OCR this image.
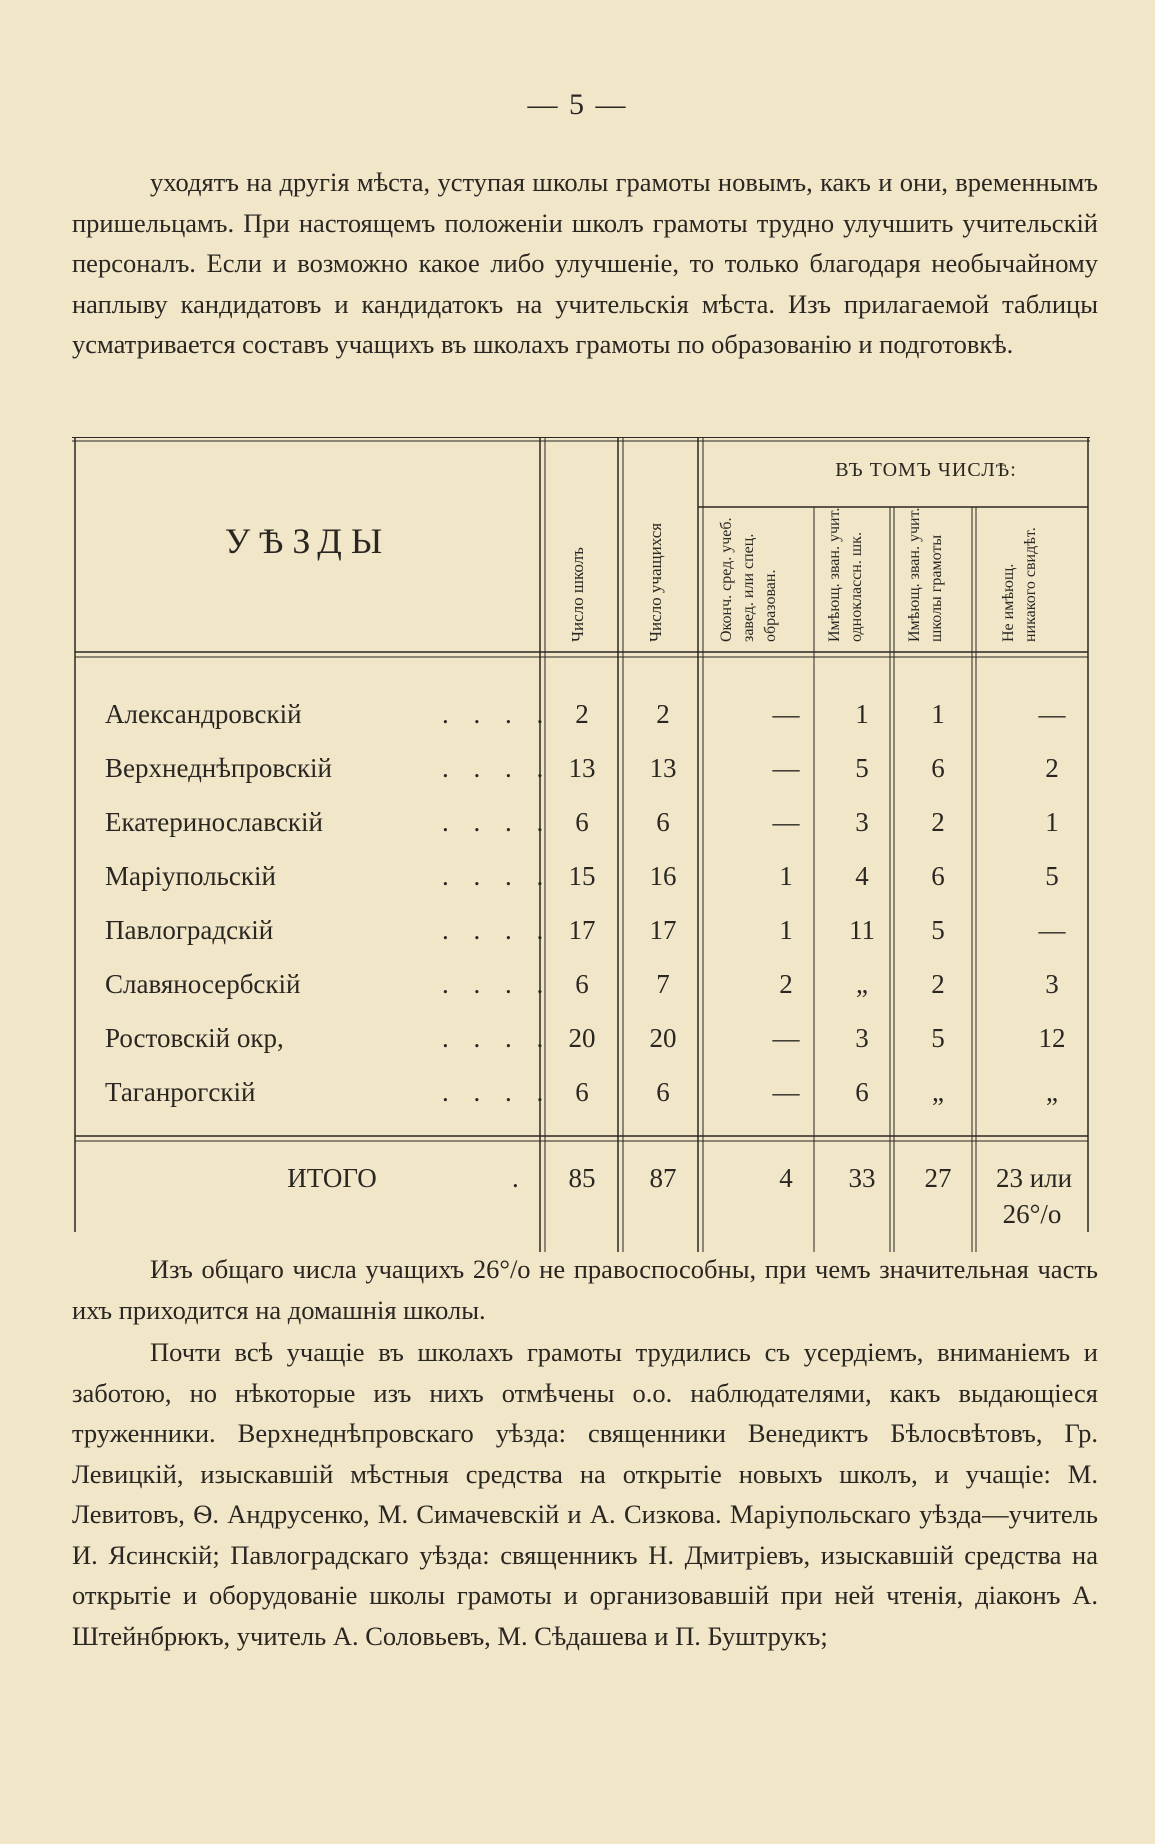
— 5 —
уходятъ на другія мѣста, уступая школы грамоты новымъ, какъ и они, временнымъ пришельцамъ. При настоящемъ положеніи школъ грамоты трудно улучшить учительскій персоналъ. Если и возможно какое либо улучшеніе, то только благодаря необычайному наплыву кандидатовъ и кандидатокъ на учительскія мѣста. Изъ прилагаемой таблицы усматривается составъ учащихъ въ школахъ грамоты по образованію и подготовкѣ.
УѢЗДЫ
ВЪ ТОМЪ ЧИСЛѢ:
Число школъ	Число учащихся	Оконч. сред. учеб. завед. или спец. образован.	Имѣющ. зван. учит. одноклассн. шк.	Имѣющ. зван. учит. школы грамоты	Не имѣющ. никакого свидѣт.
Александровскій	. . . . 2	2	—	1	1	—
Верхнеднѣпровскій	. . . . 13	13	—	5	6	2
Екатеринославскій	. . . . 6	6	—	3	2	1
Маріупольскій	. . . . 15	16	1	4	6	5
Павлоградскій	. . . . 17	17	1	11	5	—
Славяносербскій	. . . . 6	7	2	„	2	3
Ростовскій окр,	. . . . 20	20	—	3	5	12
Таганрогскій	. . . . 6	6	—	6	„	„
ИТОГО	.	85	87	4	33	27	23 или
26°/o
Изъ общаго числа учащихъ 26°/o не правоспособны, при чемъ значительная часть ихъ приходится на домашнія школы.
Почти всѣ учащіе въ школахъ грамоты трудились съ усердіемъ, вниманіемъ и заботою, но нѣкоторые изъ нихъ отмѣчены о.о. наблюдателями, какъ выдающіеся труженники. Верхнеднѣпровскаго уѣзда: священники Венедиктъ Бѣлосвѣтовъ, Гр. Левицкій, изыскавшій мѣстныя средства на открытіе новыхъ школъ, и учащіе: М. Левитовъ, Ѳ. Андрусенко, М. Симачевскій и А. Сизкова. Маріупольскаго уѣзда—учитель И. Ясинскій; Павлоградскаго уѣзда: священникъ Н. Дмитріевъ, изыскавшій средства на открытіе и оборудованіе школы грамоты и организовавшій при ней чтенія, діаконъ А. Штейнбрюкъ, учитель А. Соловьевъ, М. Сѣдашева и П. Буштрукъ;
